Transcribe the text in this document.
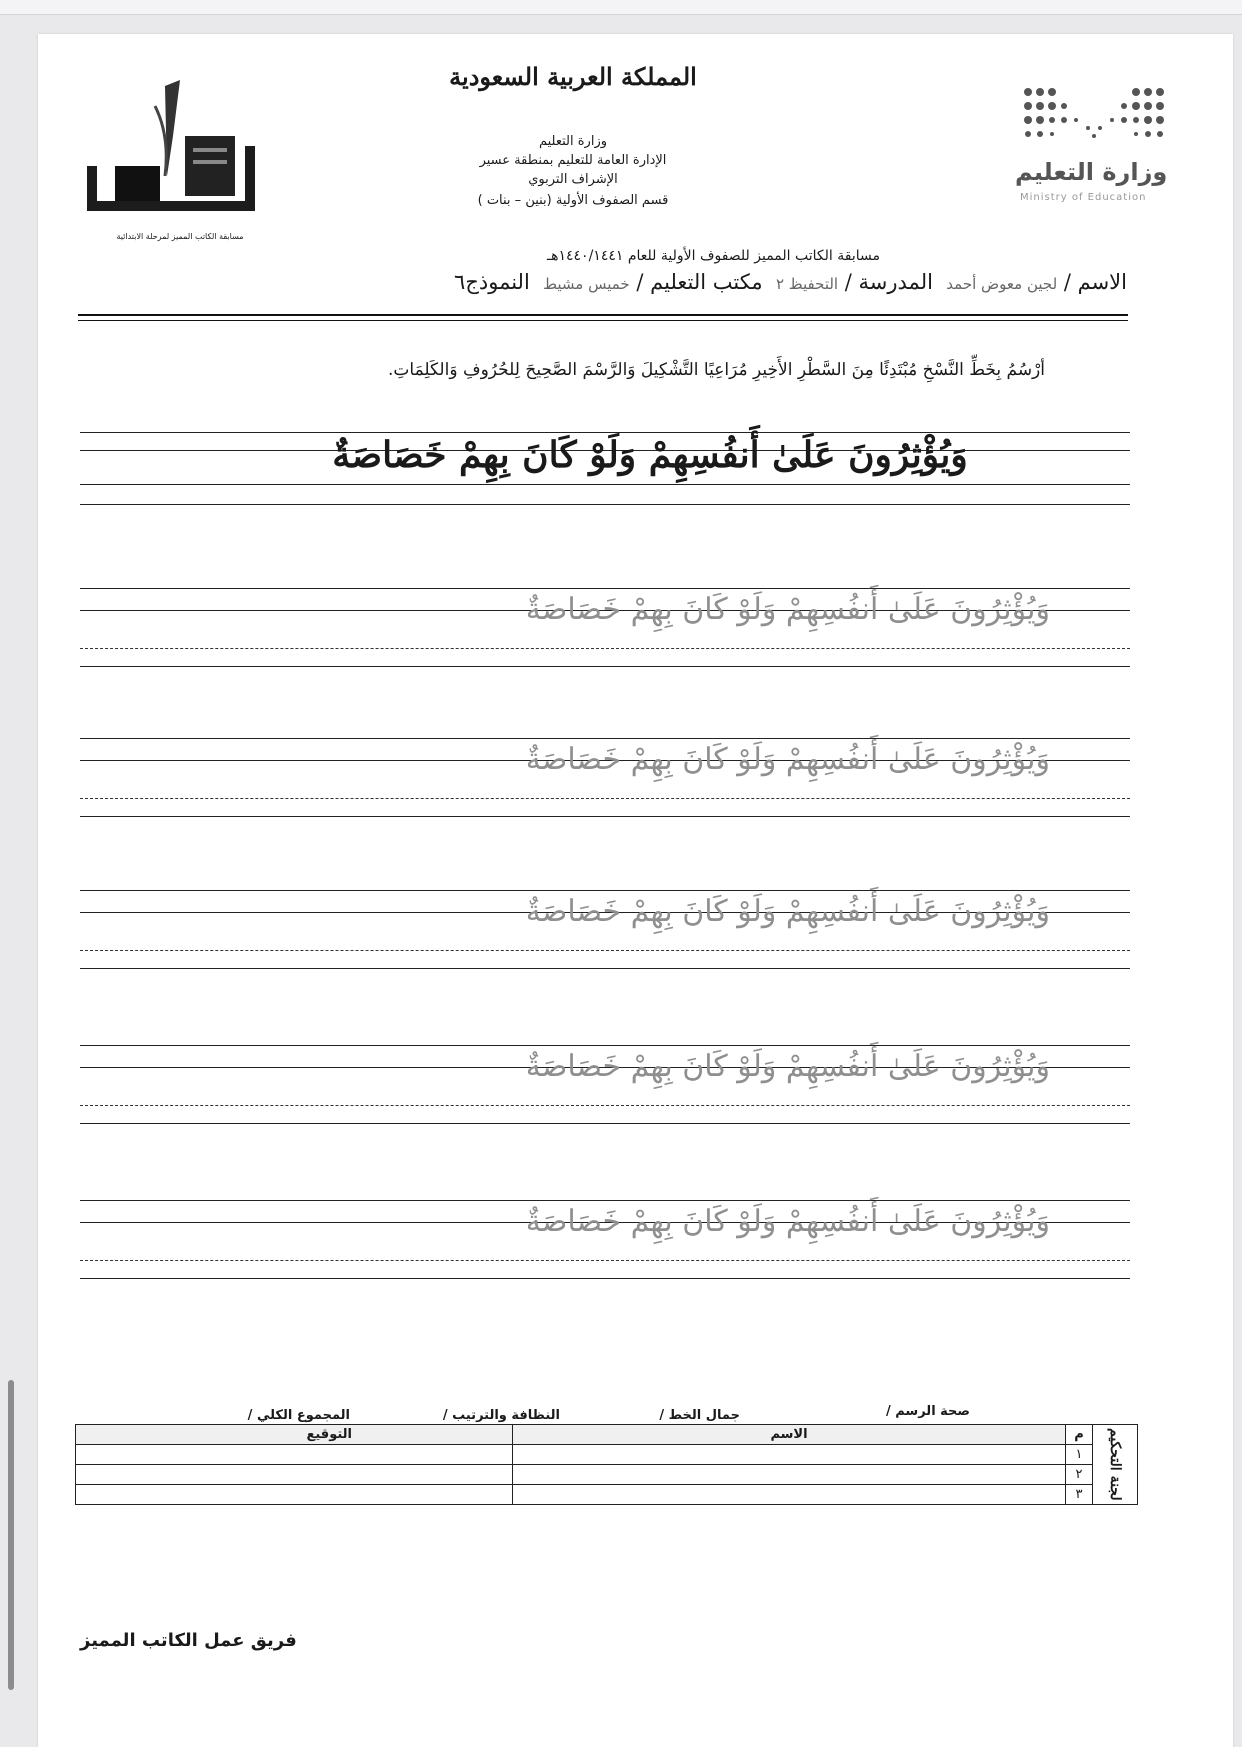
مسابقة الكاتب المميز لمرحلة الابتدائية
المملكة العربية السعودية
وزارة التعليم
الإدارة العامة للتعليم بمنطقة عسير
الإشراف التربوي
قسم الصفوف الأولية (بنين – بنات )
وزارة التعليم
Ministry of Education
مسابقة الكاتب المميز للصفوف الأولية للعام ١٤٤٠/١٤٤١هـ
الاسم / لجين معوض أحمد  المدرسة / التحفيظ ٢  مكتب التعليم / خميس مشيط  النموذج٦
أرْسُمُ بِخَطِّ النَّسْخِ مُبْتَدِئًا مِنَ السَّطْرِ الأَخِيرِ مُرَاعِيًا التَّشْكِيلَ وَالرَّسْمَ الصَّحِيحَ لِلحُرُوفِ وَالكَلِمَاتِ.
وَيُؤْثِرُونَ عَلَىٰ أَنفُسِهِمْ وَلَوْ كَانَ بِهِمْ خَصَاصَةٌ
وَيُؤْثِرُونَ عَلَىٰ أَنفُسِهِمْ وَلَوْ كَانَ بِهِمْ خَصَاصَةٌ
وَيُؤْثِرُونَ عَلَىٰ أَنفُسِهِمْ وَلَوْ كَانَ بِهِمْ خَصَاصَةٌ
وَيُؤْثِرُونَ عَلَىٰ أَنفُسِهِمْ وَلَوْ كَانَ بِهِمْ خَصَاصَةٌ
وَيُؤْثِرُونَ عَلَىٰ أَنفُسِهِمْ وَلَوْ كَانَ بِهِمْ خَصَاصَةٌ
وَيُؤْثِرُونَ عَلَىٰ أَنفُسِهِمْ وَلَوْ كَانَ بِهِمْ خَصَاصَةٌ
صحة الرسم /
جمال الخط /
النظافة والترتيب /
المجموع الكلي /
لجنة التحكيم	م	الاسم	التوقيع
	١		
	٢		
	٣		
فريق عمل الكاتب المميز
